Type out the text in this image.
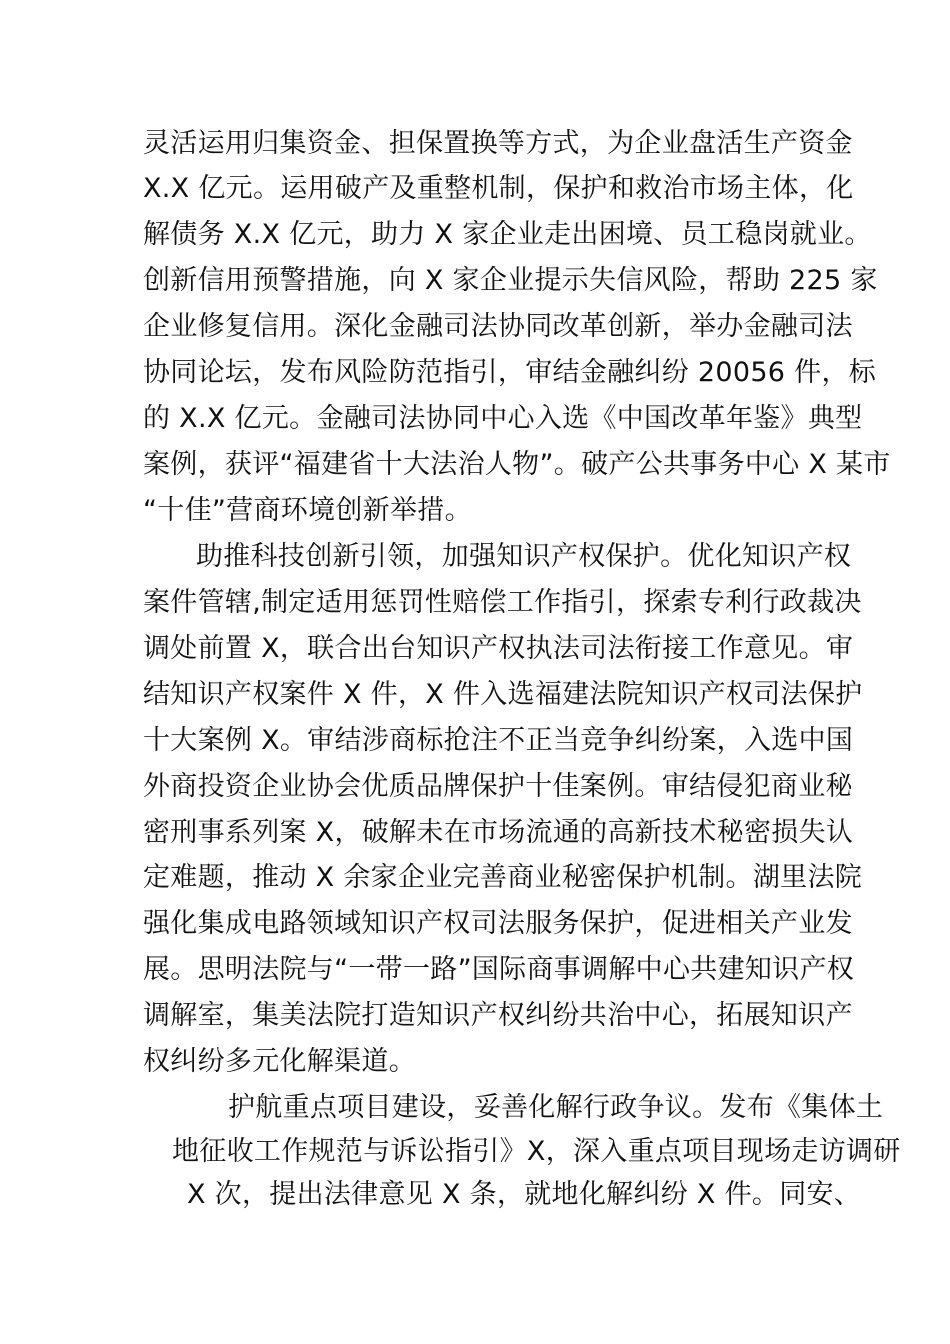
灵活运用归集资金、担保置换等方式，为企业盘活生产资金
X.X 亿元。运用破产及重整机制，保护和救治市场主体，化
解债务 X.X 亿元，助力 X 家企业走出困境、员工稳岗就业。
创新信用预警措施，向 X 家企业提示失信风险，帮助 225 家
企业修复信用。深化金融司法协同改革创新，举办金融司法
协同论坛，发布风险防范指引，审结金融纠纷 20056 件，标
的 X.X 亿元。金融司法协同中心入选《中国改革年鉴》典型
案例，获评“福建省十大法治人物”。破产公共事务中心 X 某市
“十佳”营商环境创新举措。
助推科技创新引领，加强知识产权保护。优化知识产权
案件管辖,制定适用惩罚性赔偿工作指引，探索专利行政裁决
调处前置 X，联合出台知识产权执法司法衔接工作意见。审
结知识产权案件 X 件，X 件入选福建法院知识产权司法保护
十大案例 X。审结涉商标抢注不正当竞争纠纷案，入选中国
外商投资企业协会优质品牌保护十佳案例。审结侵犯商业秘
密刑事系列案 X，破解未在市场流通的高新技术秘密损失认
定难题，推动 X 余家企业完善商业秘密保护机制。湖里法院
强化集成电路领域知识产权司法服务保护，促进相关产业发
展。思明法院与“一带一路”国际商事调解中心共建知识产权
调解室，集美法院打造知识产权纠纷共治中心，拓展知识产
权纠纷多元化解渠道。
护航重点项目建设，妥善化解行政争议。发布《集体土
地征收工作规范与诉讼指引》X，深入重点项目现场走访调研
X 次，提出法律意见 X 条，就地化解纠纷 X 件。同安、
